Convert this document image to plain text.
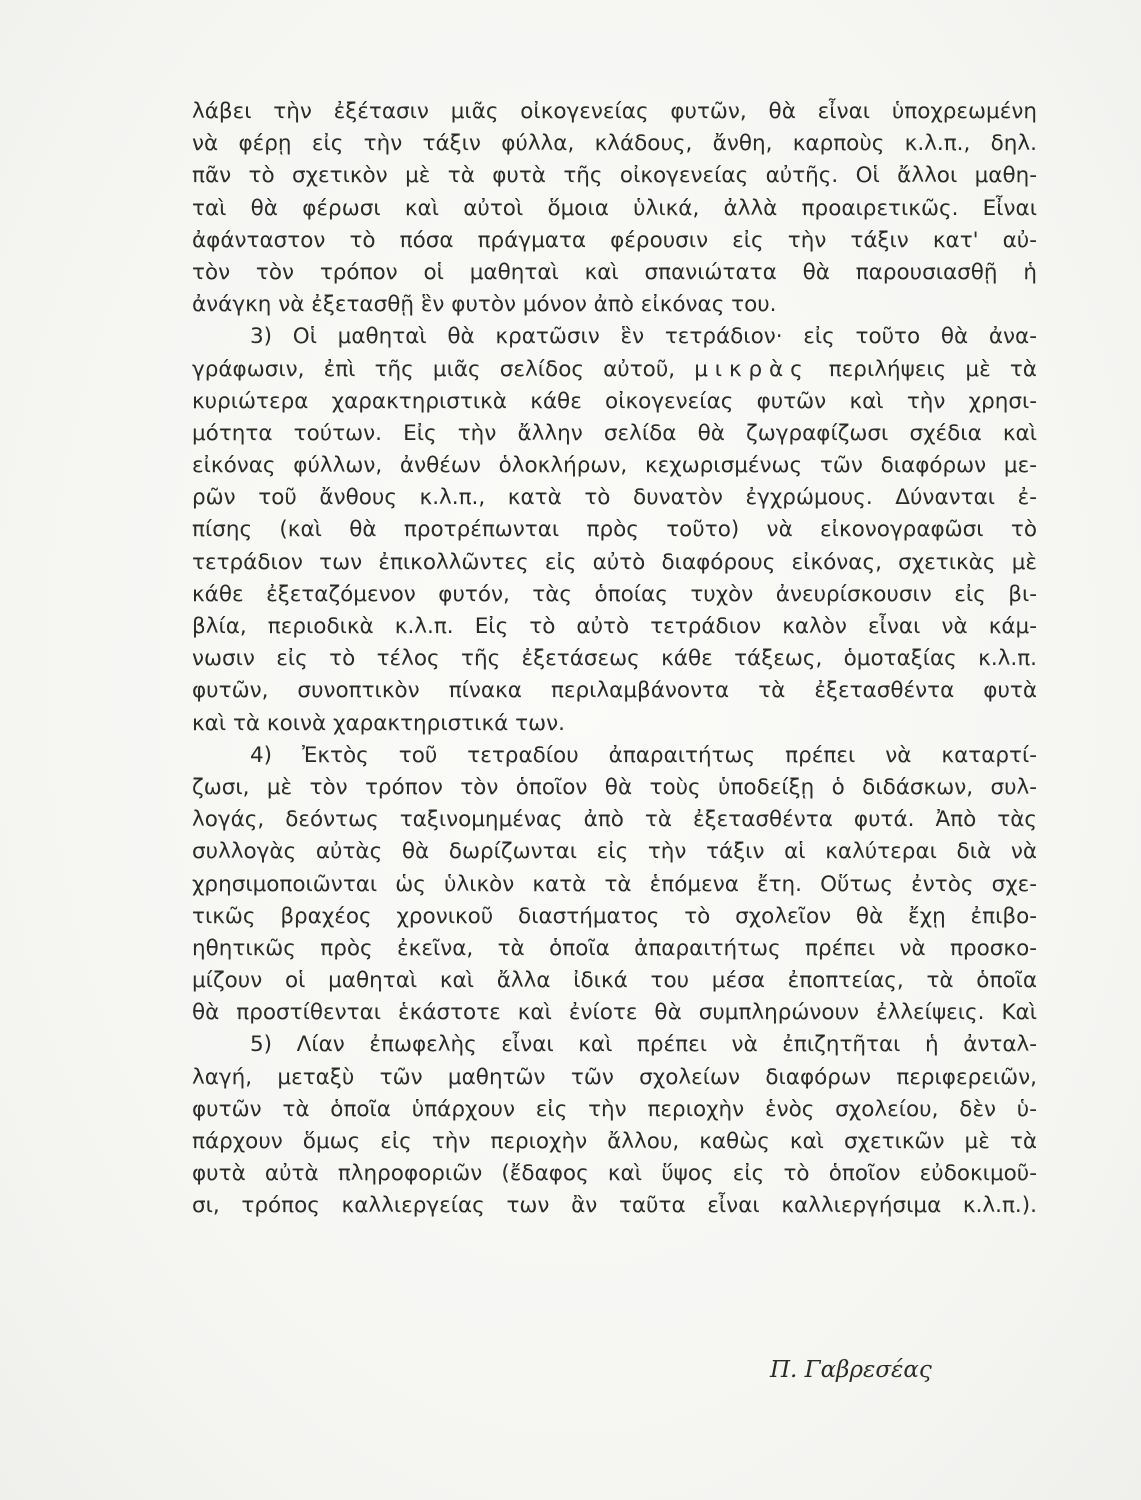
λάβει τὴν ἐξέτασιν μιᾶς οἰκογενείας φυτῶν, θὰ εἶναι ὑποχρεωμένη
νὰ φέρῃ εἰς τὴν τάξιν φύλλα, κλάδους, ἄνθη, καρποὺς κ.λ.π., δηλ.
πᾶν τὸ σχετικὸν μὲ τὰ φυτὰ τῆς οἰκογενείας αὐτῆς. Οἱ ἄλλοι μαθη-
ταὶ θὰ φέρωσι καὶ αὐτοὶ ὅμοια ὑλικά, ἀλλὰ προαιρετικῶς. Εἶναι
ἀφάνταστον τὸ πόσα πράγματα φέρουσιν εἰς τὴν τάξιν κατ' αὐ-
τὸν τὸν τρόπον οἱ μαθηταὶ καὶ σπανιώτατα θὰ παρουσιασθῇ ἡ
ἀνάγκη νὰ ἐξετασθῇ ἓν φυτὸν μόνον ἀπὸ εἰκόνας του.
3) Οἱ μαθηταὶ θὰ κρατῶσιν ἓν τετράδιον· εἰς τοῦτο θὰ ἀνα-
γράφωσιν, ἐπὶ τῆς μιᾶς σελίδος αὐτοῦ, μικρὰς περιλήψεις μὲ τὰ
κυριώτερα χαρακτηριστικὰ κάθε οἰκογενείας φυτῶν καὶ τὴν χρησι-
μότητα τούτων. Εἰς τὴν ἄλλην σελίδα θὰ ζωγραφίζωσι σχέδια καὶ
εἰκόνας φύλλων, ἀνθέων ὁλοκλήρων, κεχωρισμένως τῶν διαφόρων με-
ρῶν τοῦ ἄνθους κ.λ.π., κατὰ τὸ δυνατὸν ἐγχρώμους. Δύνανται ἐ-
πίσης (καὶ θὰ προτρέπωνται πρὸς τοῦτο) νὰ εἰκονογραφῶσι τὸ
τετράδιον των ἐπικολλῶντες εἰς αὐτὸ διαφόρους εἰκόνας, σχετικὰς μὲ
κάθε ἐξεταζόμενον φυτόν, τὰς ὁποίας τυχὸν ἀνευρίσκουσιν εἰς βι-
βλία, περιοδικὰ κ.λ.π. Εἰς τὸ αὐτὸ τετράδιον καλὸν εἶναι νὰ κάμ-
νωσιν εἰς τὸ τέλος τῆς ἐξετάσεως κάθε τάξεως, ὁμοταξίας κ.λ.π.
φυτῶν, συνοπτικὸν πίνακα περιλαμβάνοντα τὰ ἐξετασθέντα φυτὰ
καὶ τὰ κοινὰ χαρακτηριστικά των.
4) Ἐκτὸς τοῦ τετραδίου ἀπαραιτήτως πρέπει νὰ καταρτί-
ζωσι, μὲ τὸν τρόπον τὸν ὁποῖον θὰ τοὺς ὑποδείξῃ ὁ διδάσκων, συλ-
λογάς, δεόντως ταξινομημένας ἀπὸ τὰ ἐξετασθέντα φυτά. Ἀπὸ τὰς
συλλογὰς αὐτὰς θὰ δωρίζωνται εἰς τὴν τάξιν αἱ καλύτεραι διὰ νὰ
χρησιμοποιῶνται ὡς ὑλικὸν κατὰ τὰ ἑπόμενα ἔτη. Οὕτως ἐντὸς σχε-
τικῶς βραχέος χρονικοῦ διαστήματος τὸ σχολεῖον θὰ ἔχῃ ἐπιβο-
ηθητικῶς πρὸς ἐκεῖνα, τὰ ὁποῖα ἀπαραιτήτως πρέπει νὰ προσκο-
μίζουν οἱ μαθηταὶ καὶ ἄλλα ἰδικά του μέσα ἐποπτείας, τὰ ὁποῖα
θὰ προστίθενται ἑκάστοτε καὶ ἐνίοτε θὰ συμπληρώνουν ἐλλείψεις. Καὶ
5) Λίαν ἐπωφελὴς εἶναι καὶ πρέπει νὰ ἐπιζητῆται ἡ ἀνταλ-
λαγή, μεταξὺ τῶν μαθητῶν τῶν σχολείων διαφόρων περιφερειῶν,
φυτῶν τὰ ὁποῖα ὑπάρχουν εἰς τὴν περιοχὴν ἑνὸς σχολείου, δὲν ὑ-
πάρχουν ὅμως εἰς τὴν περιοχὴν ἄλλου, καθὼς καὶ σχετικῶν μὲ τὰ
φυτὰ αὐτὰ πληροφοριῶν (ἔδαφος καὶ ὕψος εἰς τὸ ὁποῖον εὐδοκιμοῦ-
σι, τρόπος καλλιεργείας των ἂν ταῦτα εἶναι καλλιεργήσιμα κ.λ.π.).
Π. Γαβρεσέας
